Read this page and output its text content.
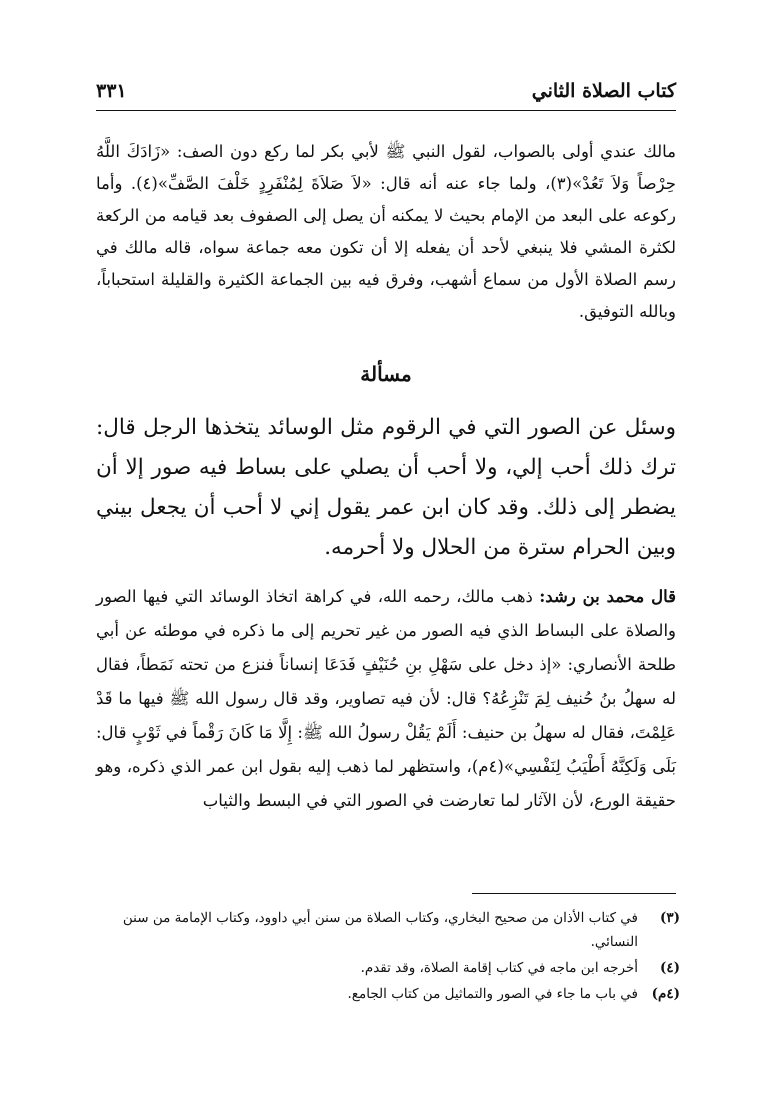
كتاب الصلاة الثاني
٣٣١

مالك عندي أولى بالصواب، لقول النبي ﷺ لأبي بكر لما ركع دون الصف: «زَادَكَ اللَّهُ حِرْصاً وَلاَ تَعُدْ»(٣)، ولما جاء عنه أنه قال: «لاَ صَلاَةَ لِمُنْفَرِدٍ خَلْفَ الصَّفِّ»(٤). وأما ركوعه على البعد من الإمام بحيث لا يمكنه أن يصل إلى الصفوف بعد قيامه من الركعة لكثرة المشي فلا ينبغي لأحد أن يفعله إلا أن تكون معه جماعة سواه، قاله مالك في رسم الصلاة الأول من سماع أشهب، وفرق فيه بين الجماعة الكثيرة والقليلة استحباباً، وبالله التوفيق.

مسألة

وسئل عن الصور التي في الرقوم مثل الوسائد يتخذها الرجل قال: ترك ذلك أحب إلي، ولا أحب أن يصلي على بساط فيه صور إلا أن يضطر إلى ذلك. وقد كان ابن عمر يقول إني لا أحب أن يجعل بيني وبين الحرام سترة من الحلال ولا أحرمه.

قال محمد بن رشد: ذهب مالك، رحمه الله، في كراهة اتخاذ الوسائد التي فيها الصور والصلاة على البساط الذي فيه الصور من غير تحريم إلى ما ذكره في موطئه عن أبي طلحة الأنصاري: «إذ دخل على سَهْلِ بنِ حُنَيْفٍ فَدَعَا إنساناً فنزع من تحته نَمَطاً، فقال له سهلُ بنُ حُنيف لِمَ تَنْزِعُهُ؟ قال: لأن فيه تصاوير، وقد قال رسول الله ﷺ فيها ما قَدْ عَلِمْتَ، فقال له سهلُ بن حنيف: أَلَمْ يَقُلْ رسولُ الله ﷺ: إِلَّا مَا كَانَ رَقْماً في ثَوْبٍ قال: بَلَى وَلَكِنَّهُ أَطْيَبُ لِنَفْسِي»(٤م)، واستظهر لما ذهب إليه بقول ابن عمر الذي ذكره، وهو حقيقة الورع، لأن الآثار لما تعارضت في الصور التي في البسط والثياب

(٣)
في كتاب الأذان من صحيح البخاري، وكتاب الصلاة من سنن أبي داوود، وكتاب الإمامة من سنن النسائي.
(٤)
أخرجه ابن ماجه في كتاب إقامة الصلاة، وقد تقدم.
(٤م)
في باب ما جاء في الصور والتماثيل من كتاب الجامع.
